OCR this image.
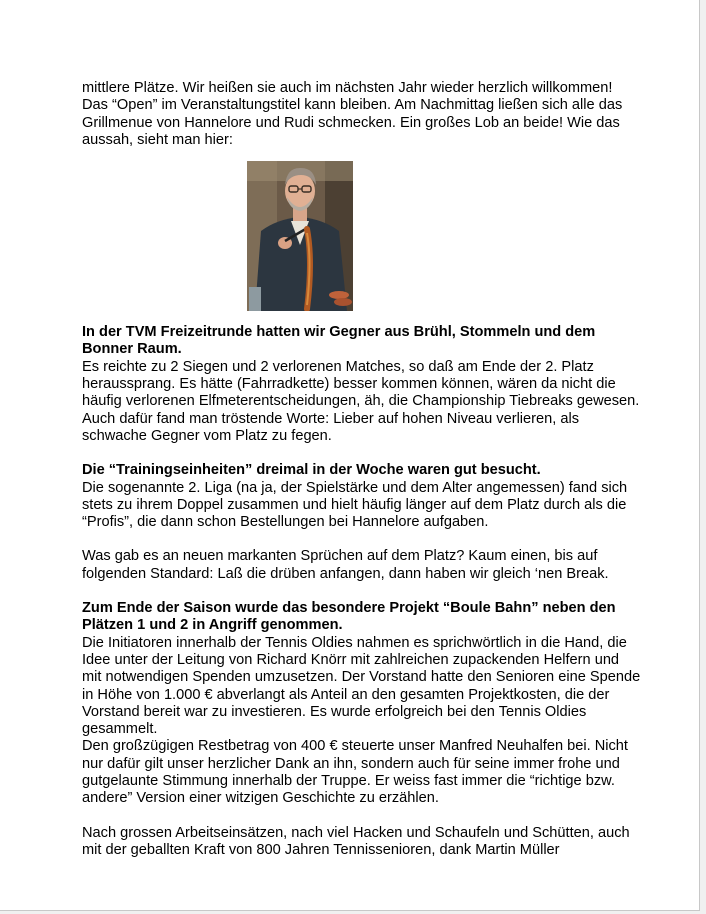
mittlere Plätze. Wir heißen sie auch im nächsten Jahr wieder herzlich willkommen! Das “Open” im Veranstaltungstitel kann bleiben. Am Nachmittag ließen sich alle das Grillmenue von Hannelore und Rudi schmecken. Ein großes Lob an beide! Wie das aussah, sieht man hier:

In der TVM Freizeitrunde hatten wir Gegner aus Brühl, Stommeln und dem Bonner Raum.

Es reichte zu 2 Siegen und 2 verlorenen Matches, so daß am Ende der 2. Platz heraussprang. Es hätte (Fahrradkette) besser kommen können, wären da nicht die häufig verlorenen Elfmeterentscheidungen, äh, die Championship Tiebreaks gewesen. Auch dafür fand man tröstende Worte: Lieber auf hohen Niveau verlieren, als schwache Gegner vom Platz zu fegen.

Die “Trainingseinheiten” dreimal in der Woche waren gut besucht.

Die sogenannte 2. Liga (na ja, der Spielstärke und dem Alter angemessen) fand sich stets zu ihrem Doppel zusammen und hielt häufig länger auf dem Platz durch als die “Profis”, die dann schon Bestellungen bei Hannelore aufgaben.

Was gab es an neuen markanten Sprüchen auf dem Platz? Kaum einen, bis auf folgenden Standard: Laß die drüben anfangen, dann haben wir gleich ‘nen Break.

Zum Ende der Saison wurde das besondere Projekt “Boule Bahn” neben den Plätzen 1 und 2 in Angriff genommen.

Die Initiatoren innerhalb der Tennis Oldies nahmen es sprichwörtlich in die Hand, die Idee unter der Leitung von Richard Knörr mit zahlreichen zupackenden Helfern und mit notwendigen Spenden umzusetzen. Der Vorstand hatte den Senioren eine Spende in Höhe von 1.000 € abverlangt als Anteil an den gesamten Projektkosten, die der Vorstand bereit war zu investieren. Es wurde erfolgreich bei den Tennis Oldies gesammelt.

Den großzügigen Restbetrag von 400 € steuerte unser Manfred Neuhalfen bei. Nicht nur dafür gilt unser herzlicher Dank an ihn, sondern auch für seine immer frohe und gutgelaunte Stimmung innerhalb der Truppe. Er weiss fast immer die “richtige bzw. andere” Version einer witzigen Geschichte zu erzählen.

Nach grossen Arbeitseinsätzen, nach viel Hacken und Schaufeln und Schütten, auch mit der geballten Kraft von 800 Jahren Tennissenioren, dank Martin Müller
